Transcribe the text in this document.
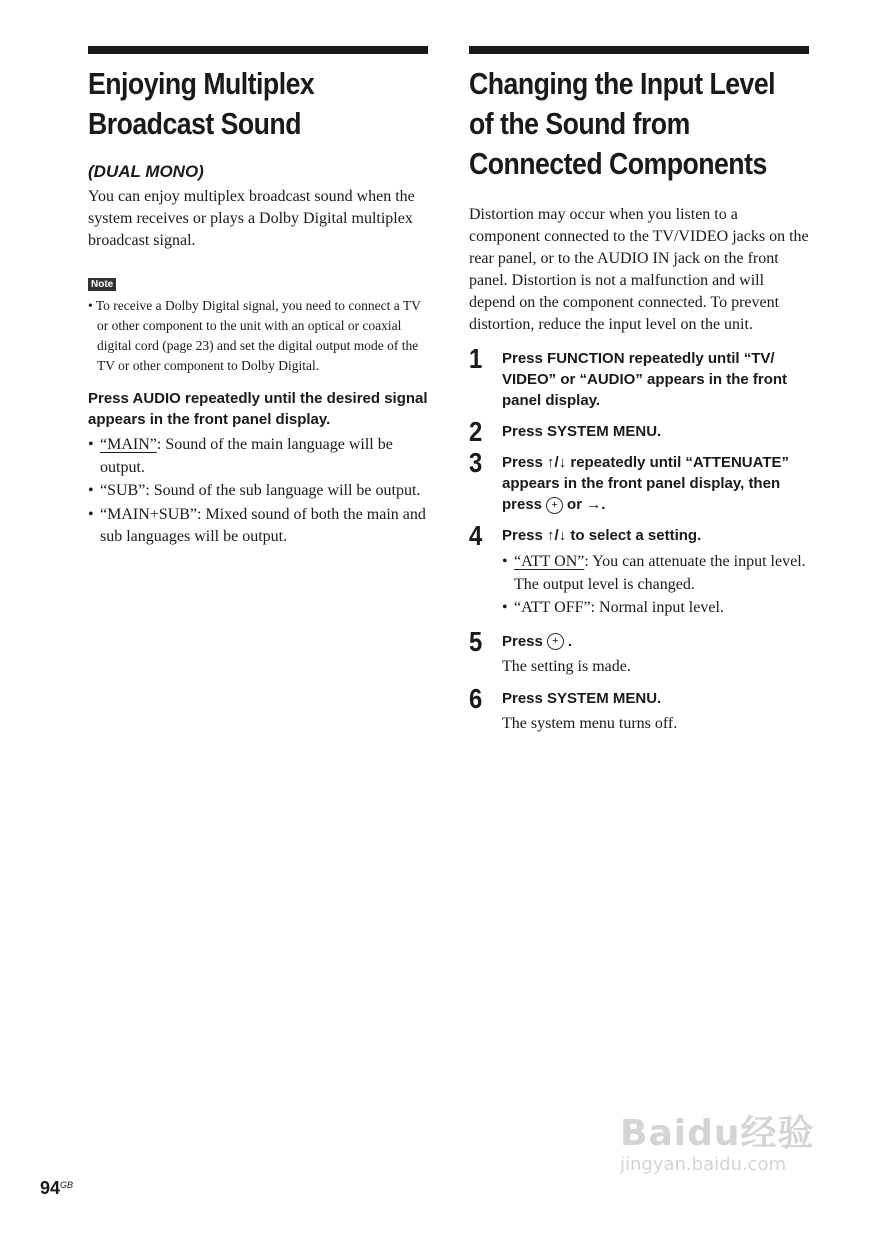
Enjoying Multiplex
Broadcast Sound
(DUAL MONO)

You can enjoy multiplex broadcast sound when the system receives or plays a Dolby Digital multiplex broadcast signal.

Note

• To receive a Dolby Digital signal, you need to connect a TV or other component to the unit with an optical or coaxial digital cord (page 23) and set the digital output mode of the TV or other component to Dolby Digital.

Press AUDIO repeatedly until the desired signal appears in the front panel display.

• “MAIN”: Sound of the main language will be output.
• “SUB”: Sound of the sub language will be output.
• “MAIN+SUB”: Mixed sound of both the main and sub languages will be output.
Changing the Input Level
of the Sound from
Connected Components

Distortion may occur when you listen to a component connected to the TV/VIDEO jacks on the rear panel, or to the AUDIO IN jack on the front panel. Distortion is not a malfunction and will depend on the component connected. To prevent distortion, reduce the input level on the unit.

1 Press FUNCTION repeatedly until “TV/ VIDEO” or “AUDIO” appears in the front panel display.

2 Press SYSTEM MENU.

3 Press ↑/↓ repeatedly until “ATTENUATE” appears in the front panel display, then press + or →.

4 Press ↑/↓ to select a setting.

• “ATT ON”: You can attenuate the input level. The output level is changed.
• “ATT OFF”: Normal input level.
5 Press + .

The setting is made.

6 Press SYSTEM MENU.

The system menu turns off.

$94^{GB}$
Baidu经验
jingyan.baidu.com
